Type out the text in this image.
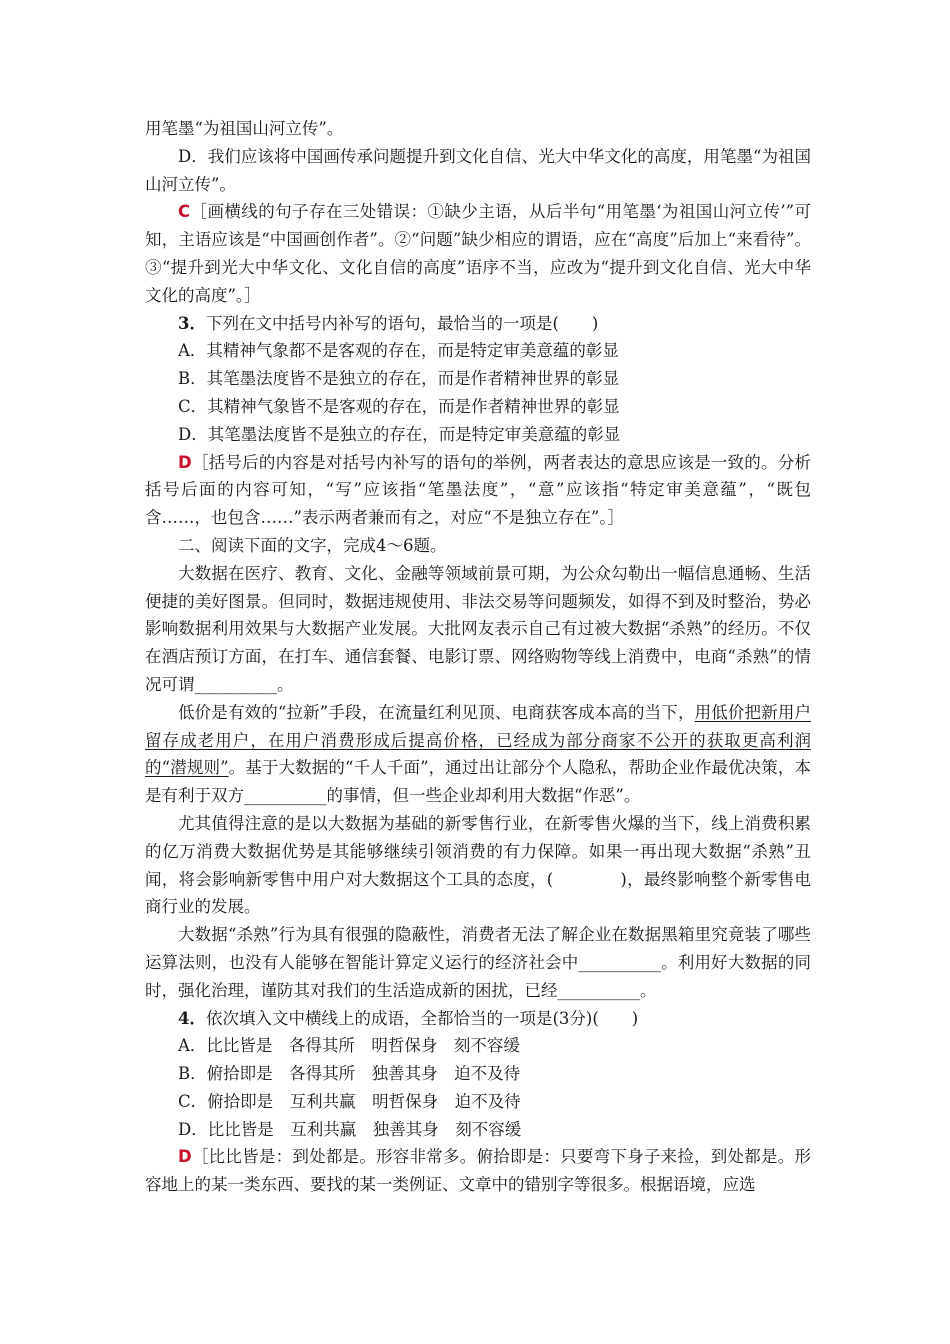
用笔墨“为祖国山河立传”。

D．我们应该将中国画传承问题提升到文化自信、光大中华文化的高度，用笔墨“为祖国山河立传”。

C［画横线的句子存在三处错误：①缺少主语，从后半句“用笔墨‘为祖国山河立传’”可知，主语应该是“中国画创作者”。②“问题”缺少相应的谓语，应在“高度”后加上“来看待”。③“提升到光大中华文化、文化自信的高度”语序不当，应改为“提升到文化自信、光大中华文化的高度”。］

3．下列在文中括号内补写的语句，最恰当的一项是(　　)

A．其精神气象都不是客观的存在，而是特定审美意蕴的彰显

B．其笔墨法度皆不是独立的存在，而是作者精神世界的彰显

C．其精神气象皆不是客观的存在，而是作者精神世界的彰显

D．其笔墨法度皆不是独立的存在，而是特定审美意蕴的彰显

D［括号后的内容是对括号内补写的语句的举例，两者表达的意思应该是一致的。分析括号后面的内容可知，“写”应该指“笔墨法度”，“意”应该指“特定审美意蕴”，“既包含……，也包含……”表示两者兼而有之，对应“不是独立存在”。］

二、阅读下面的文字，完成4～6题。

大数据在医疗、教育、文化、金融等领域前景可期，为公众勾勒出一幅信息通畅、生活便捷的美好图景。但同时，数据违规使用、非法交易等问题频发，如得不到及时整治，势必影响数据利用效果与大数据产业发展。大批网友表示自己有过被大数据“杀熟”的经历。不仅在酒店预订方面，在打车、通信套餐、电影订票、网络购物等线上消费中，电商“杀熟”的情况可谓__________。

低价是有效的“拉新”手段，在流量红利见顶、电商获客成本高的当下，用低价把新用户留存成老用户，在用户消费形成后提高价格，已经成为部分商家不公开的获取更高利润的“潜规则”。基于大数据的“千人千面”，通过出让部分个人隐私，帮助企业作最优决策，本是有利于双方__________的事情，但一些企业却利用大数据“作恶”。

尤其值得注意的是以大数据为基础的新零售行业，在新零售火爆的当下，线上消费积累的亿万消费大数据优势是其能够继续引领消费的有力保障。如果一再出现大数据“杀熟”丑闻，将会影响新零售中用户对大数据这个工具的态度，(　　　　)，最终影响整个新零售电商行业的发展。

大数据“杀熟”行为具有很强的隐蔽性，消费者无法了解企业在数据黑箱里究竟装了哪些运算法则，也没有人能够在智能计算定义运行的经济社会中__________。利用好大数据的同时，强化治理，谨防其对我们的生活造成新的困扰，已经__________。

4．依次填入文中横线上的成语，全都恰当的一项是(3分)(　　)

A．比比皆是　各得其所　明哲保身　刻不容缓

B．俯拾即是　各得其所　独善其身　迫不及待

C．俯拾即是　互利共赢　明哲保身　迫不及待

D．比比皆是　互利共赢　独善其身　刻不容缓

D［比比皆是：到处都是。形容非常多。俯拾即是：只要弯下身子来捡，到处都是。形容地上的某一类东西、要找的某一类例证、文章中的错别字等很多。根据语境，应选
